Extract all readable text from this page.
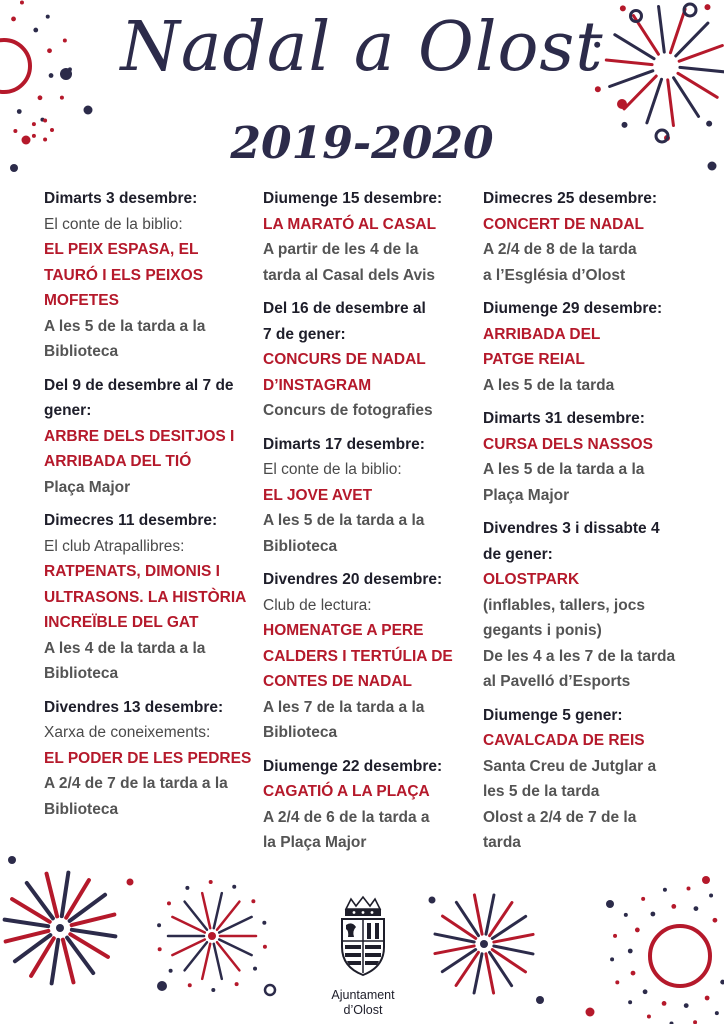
Nadal a Olost
2019-2020
Dimarts 3 desembre:
El conte de la biblio:
EL PEIX ESPASA, EL
TAURÓ I ELS PEIXOS
MOFETES
A les 5 de la tarda a la
Biblioteca
Del 9 de desembre al 7 de
gener:
ARBRE DELS DESITJOS I
ARRIBADA DEL TIÓ
Plaça Major
Dimecres 11 desembre:
El club Atrapallibres:
RATPENATS, DIMONIS I
ULTRASONS. LA HISTÒRIA
INCREÏBLE DEL GAT
A les 4 de la tarda a la
Biblioteca
Divendres 13 desembre:
Xarxa de coneixements:
EL PODER DE LES PEDRES
A 2/4 de 7 de la tarda a la
Biblioteca
Diumenge 15 desembre:
LA MARATÓ AL CASAL
A partir de les 4 de la
tarda al Casal dels Avis
Del 16 de desembre al
7 de gener:
CONCURS DE NADAL
D’INSTAGRAM
Concurs de fotografies
Dimarts 17 desembre:
El conte de la biblio:
EL JOVE AVET
A les 5 de la tarda a la
Biblioteca
Divendres 20 desembre:
Club de lectura:
HOMENATGE A PERE
CALDERS I TERTÚLIA DE
CONTES DE NADAL
A les 7 de la tarda a la
Biblioteca
Diumenge 22 desembre:
CAGATIÓ A LA PLAÇA
A 2/4 de 6 de la tarda a
la Plaça Major
Dimecres 25 desembre:
CONCERT DE NADAL
A 2/4 de 8 de la tarda
a l’Església d’Olost
Diumenge 29 desembre:
ARRIBADA DEL
PATGE REIAL
A les 5 de la tarda
Dimarts 31 desembre:
CURSA DELS NASSOS
A les 5 de la tarda a la
Plaça Major
Divendres 3 i dissabte 4
de gener:
OLOSTPARK
(inflables, tallers, jocs
gegants i ponis)
De les 4 a les 7 de la tarda
al Pavelló d’Esports
Diumenge 5 gener:
CAVALCADA DE REIS
Santa Creu de Jutglar a
les 5 de la tarda
Olost a 2/4 de 7 de la
tarda
Ajuntament
d’Olost
